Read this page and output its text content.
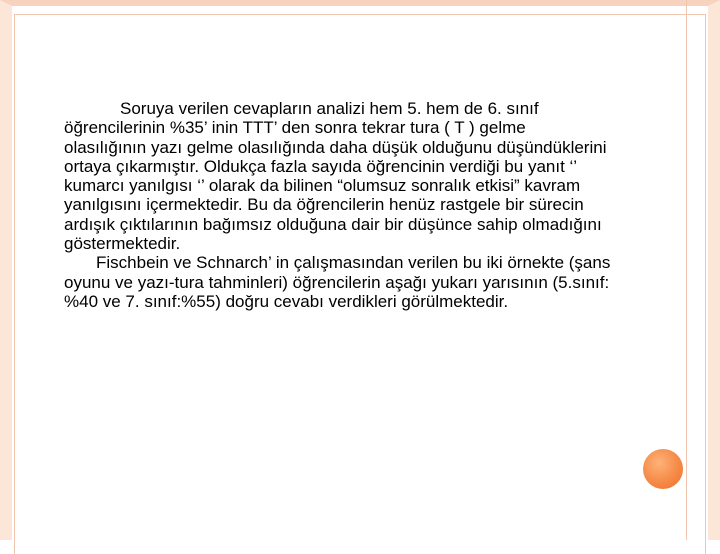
Soruya verilen cevapların analizi hem 5. hem de 6. sınıf öğrencilerinin %35’ inin TTT’ den sonra tekrar tura ( T ) gelme olasılığının yazı gelme olasılığında daha düşük olduğunu düşündüklerini ortaya çıkarmıştır. Oldukça fazla sayıda öğrencinin verdiği bu yanıt ‘’ kumarcı yanılgısı ‘’ olarak da bilinen “olumsuz sonralık etkisi” kavram yanılgısını içermektedir. Bu da öğrencilerin henüz rastgele bir sürecin ardışık çıktılarının bağımsız olduğuna dair bir düşünce sahip olmadığını göstermektedir.

Fischbein ve Schnarch’ in çalışmasından verilen bu iki örnekte (şans oyunu ve yazı-tura tahminleri) öğrencilerin aşağı yukarı yarısının (5.sınıf: %40 ve 7. sınıf:%55) doğru cevabı verdikleri görülmektedir.
